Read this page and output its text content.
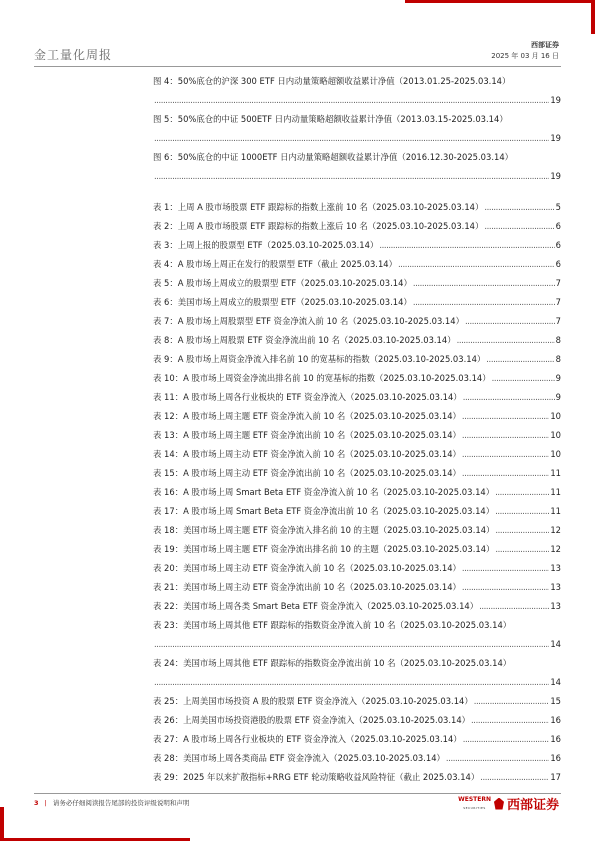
金工量化周报
西部证券
2025 年 03 月 16 日
图 4：50%底仓的沪深 300 ETF 日内动量策略超额收益累计净值（2013.01.25-2025.03.14）
.....
19
图 5：50%底仓的中证 500ETF 日内动量策略超额收益累计净值（2013.03.15-2025.03.14）
.....
19
图 6：50%底仓的中证 1000ETF 日内动量策略超额收益累计净值（2016.12.30-2025.03.14）
.....
19
表 1：上周 A 股市场股票 ETF 跟踪标的指数上涨前 10 名（2025.03.10-2025.03.14） .....	5
表 2：上周 A 股市场股票 ETF 跟踪标的指数上涨后 10 名（2025.03.10-2025.03.14） .....	6
表 3：上周上报的股票型 ETF（2025.03.10-2025.03.14） .....	6
表 4：A 股市场上周正在发行的股票型 ETF（截止 2025.03.14） .....	6
表 5：A 股市场上周成立的股票型 ETF（2025.03.10-2025.03.14） .....	7
表 6：美国市场上周成立的股票型 ETF（2025.03.10-2025.03.14） .....	7
表 7：A 股市场上周股票型 ETF 资金净流入前 10 名（2025.03.10-2025.03.14） .....	7
表 8：A 股市场上周股票 ETF 资金净流出前 10 名（2025.03.10-2025.03.14） .....	8
表 9：A 股市场上周资金净流入排名前 10 的宽基标的指数（2025.03.10-2025.03.14） .....	8
表 10：A 股市场上周资金净流出排名前 10 的宽基标的指数（2025.03.10-2025.03.14） .....	9
表 11：A 股市场上周各行业板块的 ETF 资金净流入（2025.03.10-2025.03.14） .....	9
表 12：A 股市场上周主题 ETF 资金净流入前 10 名（2025.03.10-2025.03.14） .....	10
表 13：A 股市场上周主题 ETF 资金净流出前 10 名（2025.03.10-2025.03.14） .....	10
表 14：A 股市场上周主动 ETF 资金净流入前 10 名（2025.03.10-2025.03.14） .....	10
表 15：A 股市场上周主动 ETF 资金净流出前 10 名（2025.03.10-2025.03.14） .....	11
表 16：A 股市场上周 Smart Beta ETF 资金净流入前 10 名（2025.03.10-2025.03.14） .....	11
表 17：A 股市场上周 Smart Beta ETF 资金净流出前 10 名（2025.03.10-2025.03.14） .....	11
表 18：美国市场上周主题 ETF 资金净流入排名前 10 的主题（2025.03.10-2025.03.14） .....	12
表 19：美国市场上周主题 ETF 资金净流出排名前 10 的主题（2025.03.10-2025.03.14） .....	12
表 20：美国市场上周主动 ETF 资金净流入前 10 名（2025.03.10-2025.03.14） .....	13
表 21：美国市场上周主动 ETF 资金净流出前 10 名（2025.03.10-2025.03.14） .....	13
表 22：美国市场上周各类 Smart Beta ETF 资金净流入（2025.03.10-2025.03.14） .....	13
表 23：美国市场上周其他 ETF 跟踪标的指数资金净流入前 10 名（2025.03.10-2025.03.14）
.....
14
表 24：美国市场上周其他 ETF 跟踪标的指数资金净流出前 10 名（2025.03.10-2025.03.14）
.....
14
表 25：上周美国市场投资 A 股的股票 ETF 资金净流入（2025.03.10-2025.03.14） .....	15
表 26：上周美国市场投资港股的股票 ETF 资金净流入（2025.03.10-2025.03.14） .....	16
表 27：A 股市场上周各行业板块的 ETF 资金净流入（2025.03.10-2025.03.14） .....	16
表 28：美国市场上周各类商品 ETF 资金净流入（2025.03.10-2025.03.14） .....	16
表 29：2025 年以来扩散指标+RRG ETF 轮动策略收益风险特征（截止 2025.03.14） .....	17
3 | 请务必仔细阅读报告尾部的投资评级说明和声明	WESTERN
SECURITIES	西部证券
